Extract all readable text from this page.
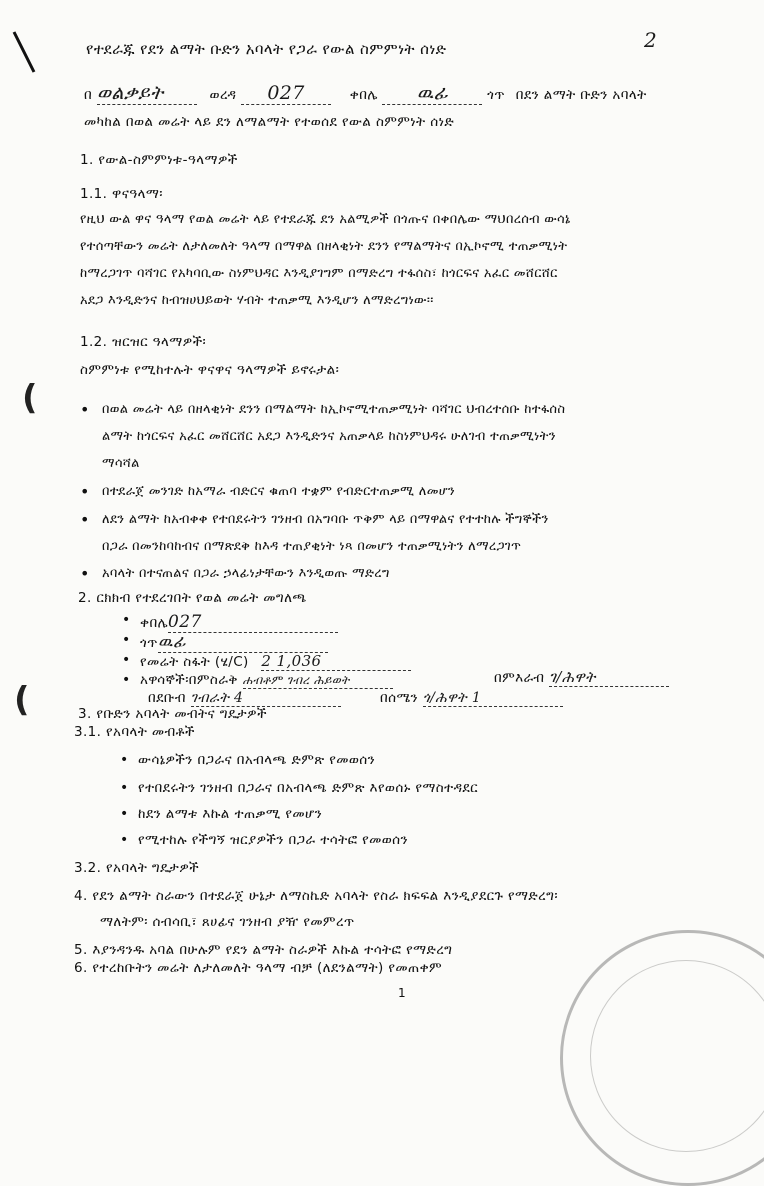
(
(
2
የተደራጁ የደን ልማት ቡድን አባላት የጋራ የውል ስምምነት ሰነድ
በ ወልቃይት	ወረዳ 027	ቀበሌ ዉፊ	ጎጥ በደን ልማት ቡድን አባላት
መካከል በወል መሬት ላይ ደን ለማልማት የተወሰደ የውል ስምምነት ሰነድ
1. የውል-ስምምነቱ-ዓላማዎች
1.1. ዋናዓላማ፡
የዚህ ውል ዋና ዓላማ የወል መሬት ላይ የተደራጁ ደን አልሚዎች በጎጡና በቀበሌው ማህበረሰብ ውሳኔ
የተሰጣቸውን መሬት ለታለመለት ዓላማ በማዋል በዘላቂነት ደንን የማልማትና በኢኮኖሚ ተጠቃሚነት
ከማረጋገጥ ባሻገር የአካባቢው ስነምህዳር እንዲያገግም በማድረግ ተፋሰስ፣ ከጎርፍና አፈር መሸርሸር
አደጋ እንዲድንና ከብዝሀህይወት ሃብት ተጠቃሚ እንዲሆን ለማድረግነው፡፡
1.2. ዝርዝር ዓላማዎች፡
ስምምነቱ የሚከተሉት ዋናዋና ዓላማዎች ይኖሩታል፡
• በወል መሬት ላይ በዘላቂነት ደንን በማልማት ከኢኮኖሚተጠቃሚነት ባሻገር ህብረተሰቡ ከተፋሰስ
ልማት ከጎርፍና አፈር መሸርሸር አደጋ እንዲድንና አጠቃላይ ከስነምህዳሩ ሁለገብ ተጠቃሚነትን
ማሳሻል
• በተደራጀ መንገድ ከአማራ ብድርና ቁጠባ ተቋም የብድርተጠቃሚ ለመሆን
• ለደን ልማት ከአብቀቀ የተበደሩትን ገንዘብ በአግባቡ ጥቅም ላይ በማዋልና የተተከሉ ችግኞችን
በጋራ በመንከባከብና በማጽደቅ ከእዳ ተጠያቂነት ነጻ በመሆን ተጠቃሚነትን ለማረጋገጥ
• አባላት በተናጠልና በጋራ ኃላፊነታቸውን እንዲወጡ ማድረግ
2. ርክክብ የተደረገበት የወል መሬት መግለጫ
• ቀበሌ027
• ጎጥዉፊ
• የመሬት ስፋት (ሄ/C) 2 1,036
• አዋሳኞች፡በምስራቅ ሐብቶም ገብረ ሕይወት	በምእራብ ገ/ሕዋት
በደቡብ ገብራት 4	በሰሜን ጎ/ሕዋት 1
3. የቡድን አባላት መብትና ግዴታዎች
3.1. የአባላት መብቶች
• ውሳኔዎችን በጋራና በአብላጫ ድምጽ የመወሰን
• የተበደሩትን ገንዘብ በጋራና በአብላጫ ድምጽ እየወሰኑ የማስተዳደር
• ከደን ልማቱ እኩል ተጠቃሚ የመሆን
• የሚተከሉ የችግኝ ዝርያዎችን በጋራ ተሳትፎ የመወሰን
3.2. የአባላት ግዴታዎች
4. የደን ልማት ስራውን በተደራጀ ሁኔታ ለማስኬድ አባላት የስራ ክፍፍል እንዲያደርጉ የማድረግ፡
ማለትም፡ ሰብሳቢ፣ ጸሀፊና ገንዘብ ያዥ የመምረጥ
5. እያንዳንዱ አባል በሁሉም የደን ልማት ስራዎች እኩል ተሳትፎ የማድረግ
6. የተረከቡትን መሬት ለታለመለት ዓላማ ብቻ (ለደንልማት) የመጠቀም
1
